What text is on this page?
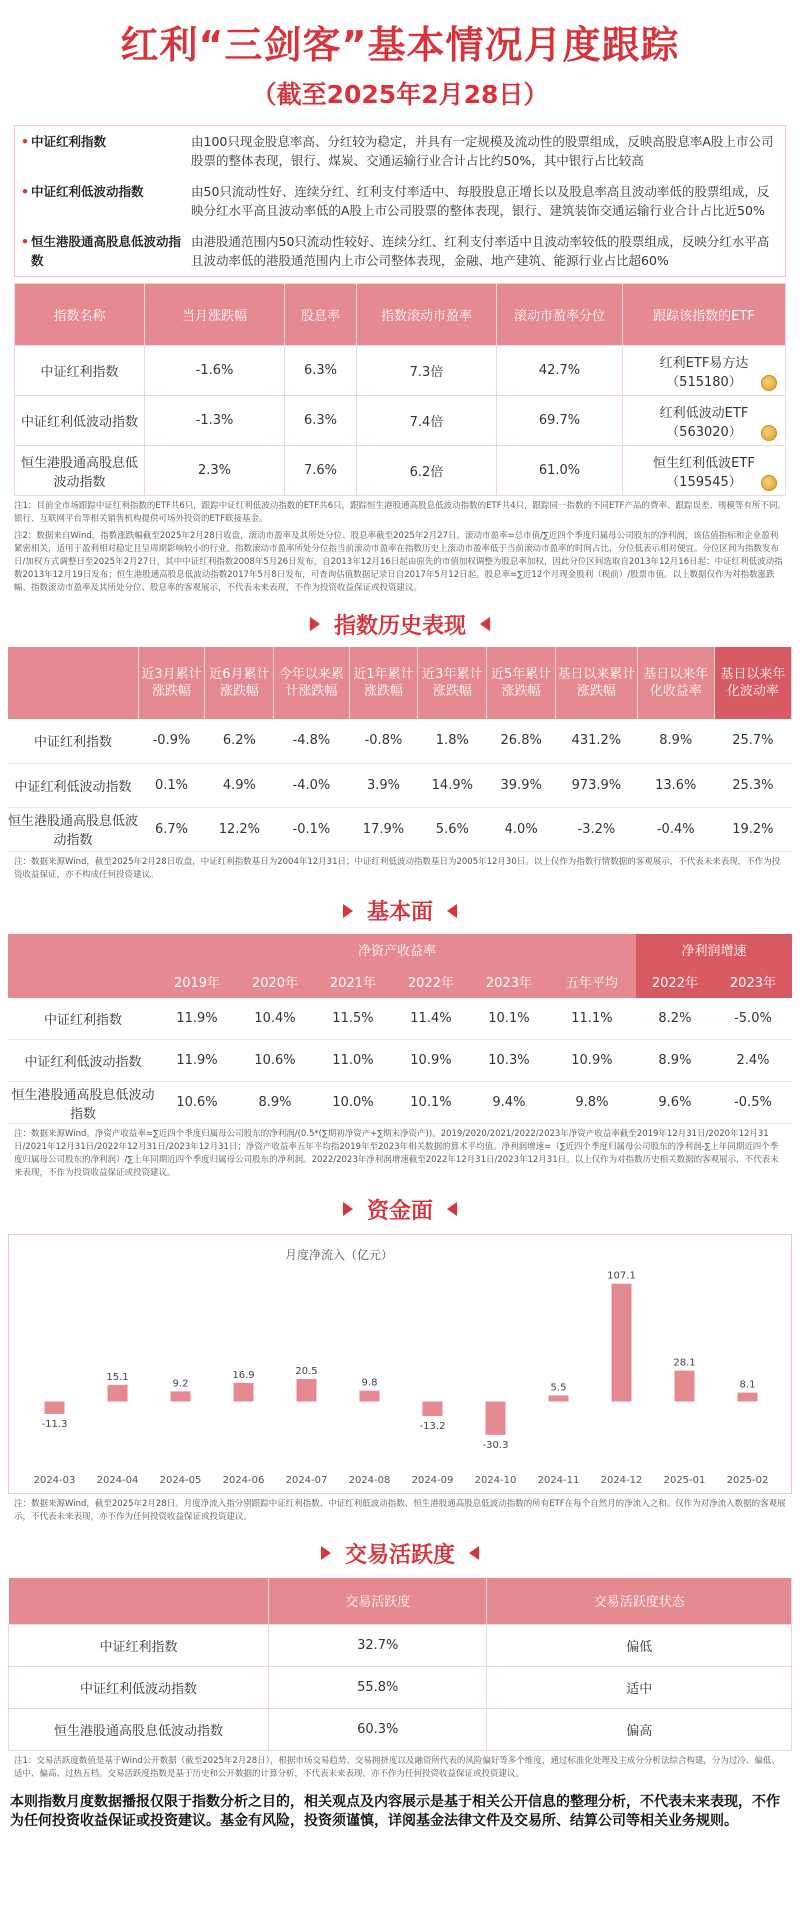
红利“三剑客”基本情况月度跟踪
（截至2025年2月28日）
• 中证红利指数	由100只现金股息率高、分红较为稳定，并具有一定规模及流动性的股票组成，反映高股息率A股上市公司股票的整体表现，银行、煤炭、交通运输行业合计占比约50%，其中银行占比较高
• 中证红利低波动指数	由50只流动性好、连续分红、红利支付率适中、每股股息正增长以及股息率高且波动率低的股票组成，反映分红水平高且波动率低的A股上市公司股票的整体表现，银行、建筑装饰交通运输行业合计占比近50%
• 恒生港股通高股息低波动指数
由港股通范围内50只流动性较好、连续分红、红利支付率适中且波动率较低的股票组成，反映分红水平高且波动率低的港股通范围内上市公司整体表现，金融、地产建筑、能源行业占比超60%
指数名称	当月涨跌幅	股息率	指数滚动市盈率	滚动市盈率分位	跟踪该指数的ETF
中证红利指数	-1.6%	6.3%	7.3倍	42.7%	红利ETF易方达
（515180）

中证红利低波动指数	-1.3%	6.3%	7.4倍	69.7%	红利低波动ETF
（563020）

恒生港股通高股息低波动指数	2.3%	7.6%	6.2倍	61.0%	恒生红利低波ETF
（159545）
注1：目前全市场跟踪中证红利指数的ETF共6只，跟踪中证红利低波动指数的ETF共6只，跟踪恒生港股通高股息低波动指数的ETF共4只，跟踪同一指数的不同ETF产品的费率、跟踪误差、规模等有所不同。银行、互联网平台等相关销售机构提供可场外投资的ETF联接基金。
注2：数据来自Wind，指数涨跌幅截至2025年2月28日收盘，滚动市盈率及其所处分位、股息率截至2025年2月27日。滚动市盈率=总市值/∑近四个季度归属母公司股东的净利润，该估值指标和企业盈利紧密相关，适用于盈利相对稳定且呈周期影响较小的行业。指数滚动市盈率所处分位指当前滚动市盈率在指数历史上滚动市盈率低于当前滚动市盈率的时间占比，分位低表示相对便宜。分位区间为指数发布日/加权方式调整日至2025年2月27日，其中中证红利指数2008年5月26日发布，自2013年12月16日起由原先的市值加权调整为股息率加权，因此分位区间选取自2013年12月16日起；中证红利低波动指数2013年12月19日发布；恒生港股通高股息低波动指数2017年5月8日发布，可查询估值数据记录日自2017年5月12日起。股息率=∑近12个月现金股利（税前）/股票市值。以上数据仅作为对指数涨跌幅、指数滚动市盈率及其所处分位、股息率的客观展示，不代表未来表现，不作为投资收益保证或投资建议。
指数历史表现
	近3月累计涨跌幅	近6月累计涨跌幅	今年以来累计涨跌幅	近1年累计涨跌幅	近3年累计涨跌幅	近5年累计涨跌幅	基日以来累计涨跌幅	基日以来年化收益率	基日以来年化波动率
中证红利指数	-0.9%	6.2%	-4.8%	-0.8%	1.8%	26.8%	431.2%	8.9%	25.7%
中证红利低波动指数	0.1%	4.9%	-4.0%	3.9%	14.9%	39.9%	973.9%	13.6%	25.3%
恒生港股通高股息低波动指数	6.7%	12.2%	-0.1%	17.9%	5.6%	4.0%	-3.2%	-0.4%	19.2%
注：数据来源Wind，截至2025年2月28日收盘，中证红利指数基日为2004年12月31日；中证红利低波动指数基日为2005年12月30日。以上仅作为指数行情数据的客观展示，不代表未来表现，不作为投资收益保证，亦不构成任何投资建议。
基本面
	净资产收益率						净利润增速	
	2019年	2020年	2021年	2022年	2023年	五年平均	2022年	2023年
中证红利指数	11.9%	10.4%	11.5%	11.4%	10.1%	11.1%	8.2%	-5.0%
中证红利低波动指数	11.9%	10.6%	11.0%	10.9%	10.3%	10.9%	8.9%	2.4%
恒生港股通高股息低波动指数	10.6%	8.9%	10.0%	10.1%	9.4%	9.8%	9.6%	-0.5%
注：数据来源Wind。净资产收益率=∑近四个季度归属母公司股东的净利润/(0.5*(∑期初净资产+∑期末净资产))。2019/2020/2021/2022/2023年净资产收益率截至2019年12月31日/2020年12月31日/2021年12月31日/2022年12月31日/2023年12月31日；净资产收益率五年平均指2019年至2023年相关数据的算术平均值。净利润增速=（∑近四个季度归属母公司股东的净利润-∑上年同期近四个季度归属母公司股东的净利润）/∑上年同期近四个季度归属母公司股东的净利润。2022/2023年净利润增速截至2022年12月31日/2023年12月31日。以上仅作为对指数历史相关数据的客观展示，不代表未来表现，不作为投资收益保证或投资建议。
资金面
月度净流入（亿元）
-11.3
2024-03
15.1
2024-04
9.2
2024-05
16.9
2024-06
20.5
2024-07
9.8
2024-08
-13.2
2024-09
-30.3
2024-10
5.5
2024-11
107.1
2024-12
28.1
2025-01
8.1
2025-02
注：数据来源Wind，截至2025年2月28日。月度净流入指分别跟踪中证红利指数、中证红利低波动指数、恒生港股通高股息低波动指数的所有ETF在每个自然月的净流入之和。仅作为对净流入数据的客观展示，不代表未来表现，亦不作为任何投资收益保证或投资建议。
交易活跃度
	交易活跃度	交易活跃度状态
中证红利指数	32.7%	偏低
中证红利低波动指数	55.8%	适中
恒生港股通高股息低波动指数	60.3%	偏高
注1：交易活跃度数值是基于Wind公开数据（截至2025年2月28日），根据市场交易趋势、交易拥挤度以及融资所代表的风险偏好等多个维度，通过标准化处理及主成分分析法综合构建，分为过冷、偏低、适中、偏高、过热五档。交易活跃度指数是基于历史和公开数据的计算分析，不代表未来表现，亦不作为任何投资收益保证或投资建议。
本则指数月度数据播报仅限于指数分析之目的，相关观点及内容展示是基于相关公开信息的整理分析，不代表未来表现，不作为任何投资收益保证或投资建议。基金有风险，投资须谨慎，详阅基金法律文件及交易所、结算公司等相关业务规则。
